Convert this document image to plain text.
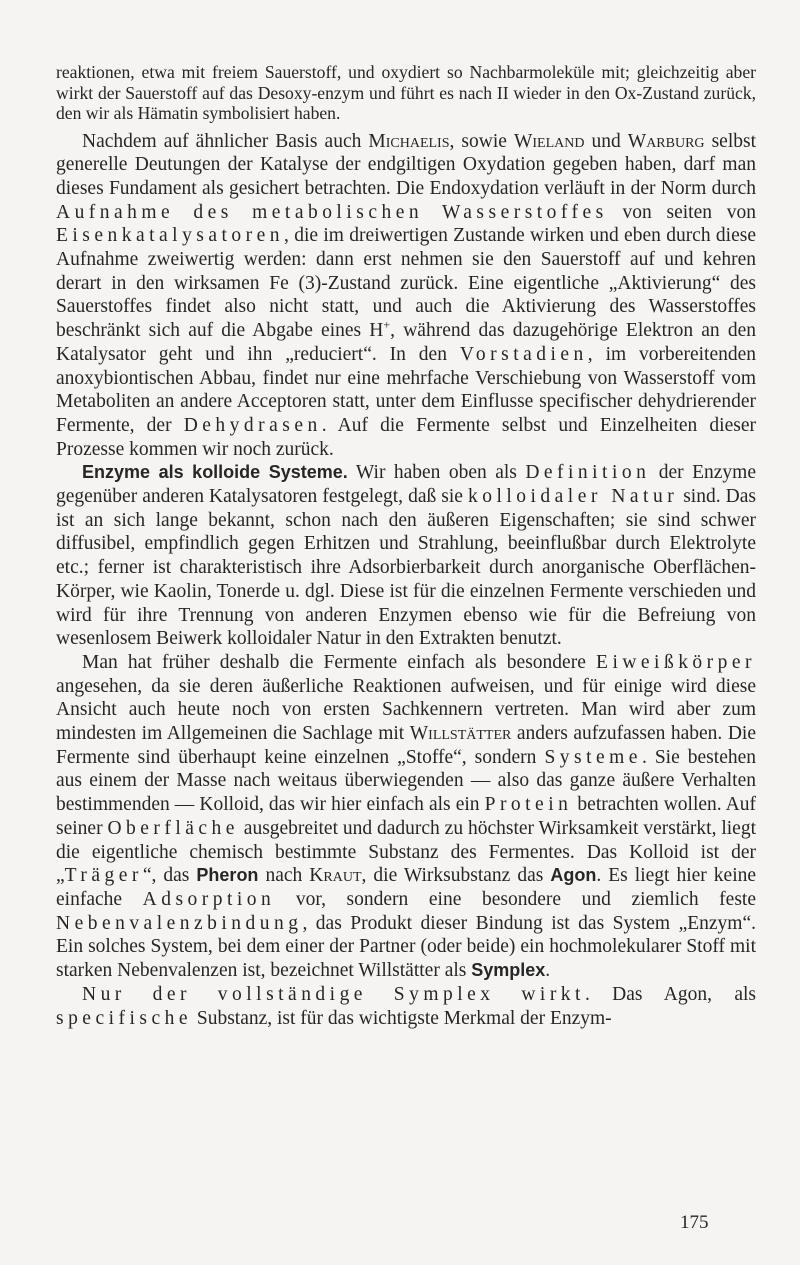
reaktionen, etwa mit freiem Sauerstoff, und oxydiert so Nachbarmoleküle mit; gleichzeitig aber wirkt der Sauerstoff auf das Desoxy-enzym und führt es nach II wieder in den Ox-Zustand zurück, den wir als Hämatin symbolisiert haben.

Nachdem auf ähnlicher Basis auch Michaelis, sowie Wieland und Warburg selbst generelle Deutungen der Katalyse der endgiltigen Oxydation gegeben haben, darf man dieses Fundament als gesichert betrachten. Die Endoxydation verläuft in der Norm durch Aufnahme des metabolischen Wasserstoffes von seiten von Eisenkatalysatoren, die im dreiwertigen Zustande wirken und eben durch diese Aufnahme zweiwertig werden: dann erst nehmen sie den Sauerstoff auf und kehren derart in den wirksamen Fe (3)-Zustand zurück. Eine eigentliche „Aktivierung“ des Sauerstoffes findet also nicht statt, und auch die Aktivierung des Wasserstoffes beschränkt sich auf die Abgabe eines H+, während das dazugehörige Elektron an den Katalysator geht und ihn „reduciert“. In den Vorstadien, im vorbereitenden anoxybiontischen Abbau, findet nur eine mehrfache Verschiebung von Wasserstoff vom Metaboliten an andere Acceptoren statt, unter dem Einflusse specifischer dehydrierender Fermente, der Dehydrasen. Auf die Fermente selbst und Einzelheiten dieser Prozesse kommen wir noch zurück.

Enzyme als kolloide Systeme. Wir haben oben als Definition der Enzyme gegenüber anderen Katalysatoren festgelegt, daß sie kolloidaler Natur sind. Das ist an sich lange bekannt, schon nach den äußeren Eigenschaften; sie sind schwer diffusibel, empfindlich gegen Erhitzen und Strahlung, beeinflußbar durch Elektrolyte etc.; ferner ist charakteristisch ihre Adsorbierbarkeit durch anorganische Oberflächen-Körper, wie Kaolin, Tonerde u. dgl. Diese ist für die einzelnen Fermente verschieden und wird für ihre Trennung von anderen Enzymen ebenso wie für die Befreiung von wesenlosem Beiwerk kolloidaler Natur in den Extrakten benutzt.

Man hat früher deshalb die Fermente einfach als besondere Eiweißkörper angesehen, da sie deren äußerliche Reaktionen aufweisen, und für einige wird diese Ansicht auch heute noch von ersten Sachkennern vertreten. Man wird aber zum mindesten im Allgemeinen die Sachlage mit Willstätter anders aufzufassen haben. Die Fermente sind überhaupt keine einzelnen „Stoffe“, sondern Systeme. Sie bestehen aus einem der Masse nach weitaus überwiegenden — also das ganze äußere Verhalten bestimmenden — Kolloid, das wir hier einfach als ein Protein betrachten wollen. Auf seiner Oberfläche ausgebreitet und dadurch zu höchster Wirksamkeit verstärkt, liegt die eigentliche chemisch bestimmte Substanz des Fermentes. Das Kolloid ist der „Träger“, das Pheron nach Kraut, die Wirksubstanz das Agon. Es liegt hier keine einfache Adsorption vor, sondern eine besondere und ziemlich feste Nebenvalenzbindung, das Produkt dieser Bindung ist das System „Enzym“. Ein solches System, bei dem einer der Partner (oder beide) ein hochmolekularer Stoff mit starken Nebenvalenzen ist, bezeichnet Willstätter als Symplex.

Nur der vollständige Symplex wirkt. Das Agon, als specifische Substanz, ist für das wichtigste Merkmal der Enzym-

175
